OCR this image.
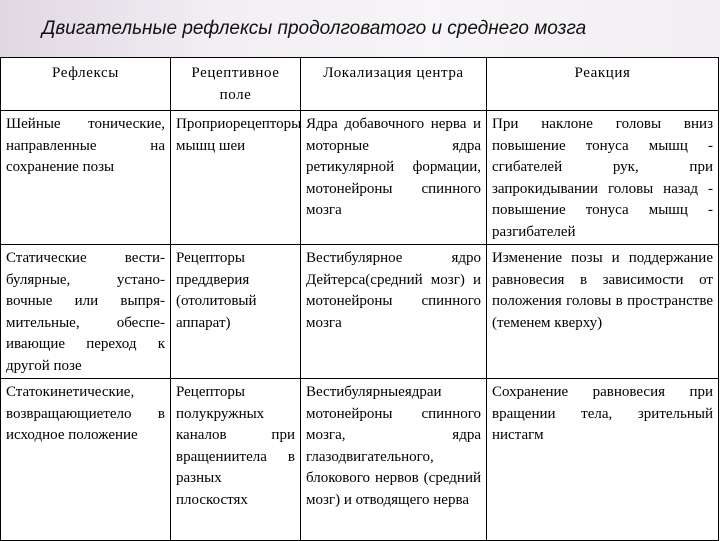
Двигательные рефлексы продолговатого и среднего мозга
Рефлексы	Рецептивное поле	Локализация центра	Реакция
Шейные тонические, направленные на сохранение позы	Проприорецепторы мышц шеи	Ядра добавочного нерва и моторные ядра ретикулярной формации, мотонейроны спинного мозга	При наклоне головы вниз повышение тонуса мышц - сгибателей рук, при запрокидывании головы назад - повышение тонуса мышц - разгибателей
Статические вести-булярные, устано-вочные или выпря-мительные, обеспе-ивающие переход к другой позе	Рецепторы преддверия (отолитовый аппарат)	Вестибулярное ядро Дейтерса(средний мозг) и мотонейроны спинного мозга	Изменение позы и поддержание равновесия в зависимости от положения головы в пространстве (теменем кверху)
Статокинетические, возвращающиетело в исходное положение	Рецепторы полукружных каналов при вращениитела в разных плоскостях	Вестибулярныеядраи мотонейроны спинного мозга, ядра глазодвигательного, блокового нервов (средний мозг) и отводящего нерва	Сохранение равновесия при вращении тела, зрительный нистагм
